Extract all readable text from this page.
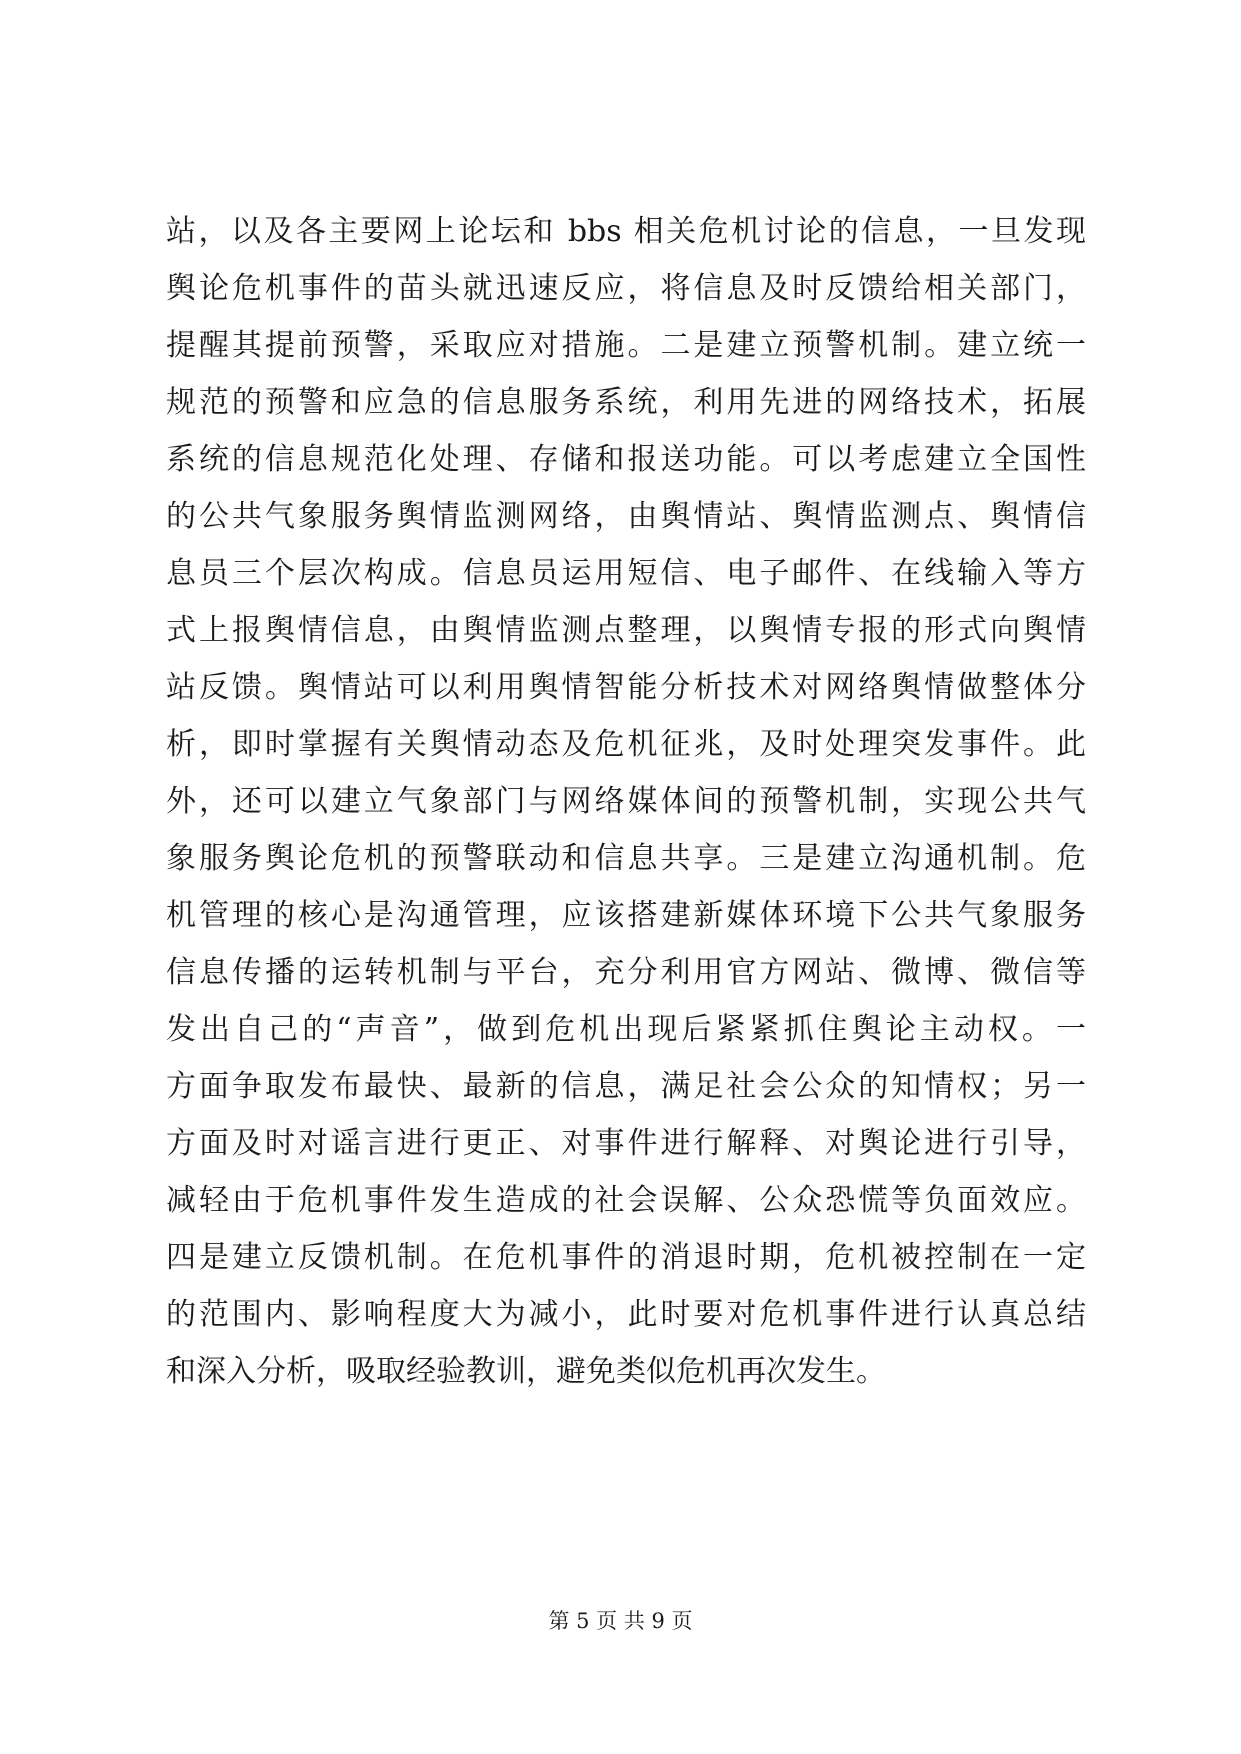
站，以及各主要网上论坛和 bbs 相关危机讨论的信息，一旦发现
舆论危机事件的苗头就迅速反应，将信息及时反馈给相关部门，
提醒其提前预警，采取应对措施。二是建立预警机制。建立统一
规范的预警和应急的信息服务系统，利用先进的网络技术，拓展
系统的信息规范化处理、存储和报送功能。可以考虑建立全国性
的公共气象服务舆情监测网络，由舆情站、舆情监测点、舆情信
息员三个层次构成。信息员运用短信、电子邮件、在线输入等方
式上报舆情信息，由舆情监测点整理，以舆情专报的形式向舆情
站反馈。舆情站可以利用舆情智能分析技术对网络舆情做整体分
析，即时掌握有关舆情动态及危机征兆，及时处理突发事件。此
外，还可以建立气象部门与网络媒体间的预警机制，实现公共气
象服务舆论危机的预警联动和信息共享。三是建立沟通机制。危
机管理的核心是沟通管理，应该搭建新媒体环境下公共气象服务
信息传播的运转机制与平台，充分利用官方网站、微博、微信等
发出自己的“声音”，做到危机出现后紧紧抓住舆论主动权。一
方面争取发布最快、最新的信息，满足社会公众的知情权；另一
方面及时对谣言进行更正、对事件进行解释、对舆论进行引导，
减轻由于危机事件发生造成的社会误解、公众恐慌等负面效应。
四是建立反馈机制。在危机事件的消退时期，危机被控制在一定
的范围内、影响程度大为减小，此时要对危机事件进行认真总结
和深入分析，吸取经验教训，避免类似危机再次发生。
第 5 页 共 9 页
